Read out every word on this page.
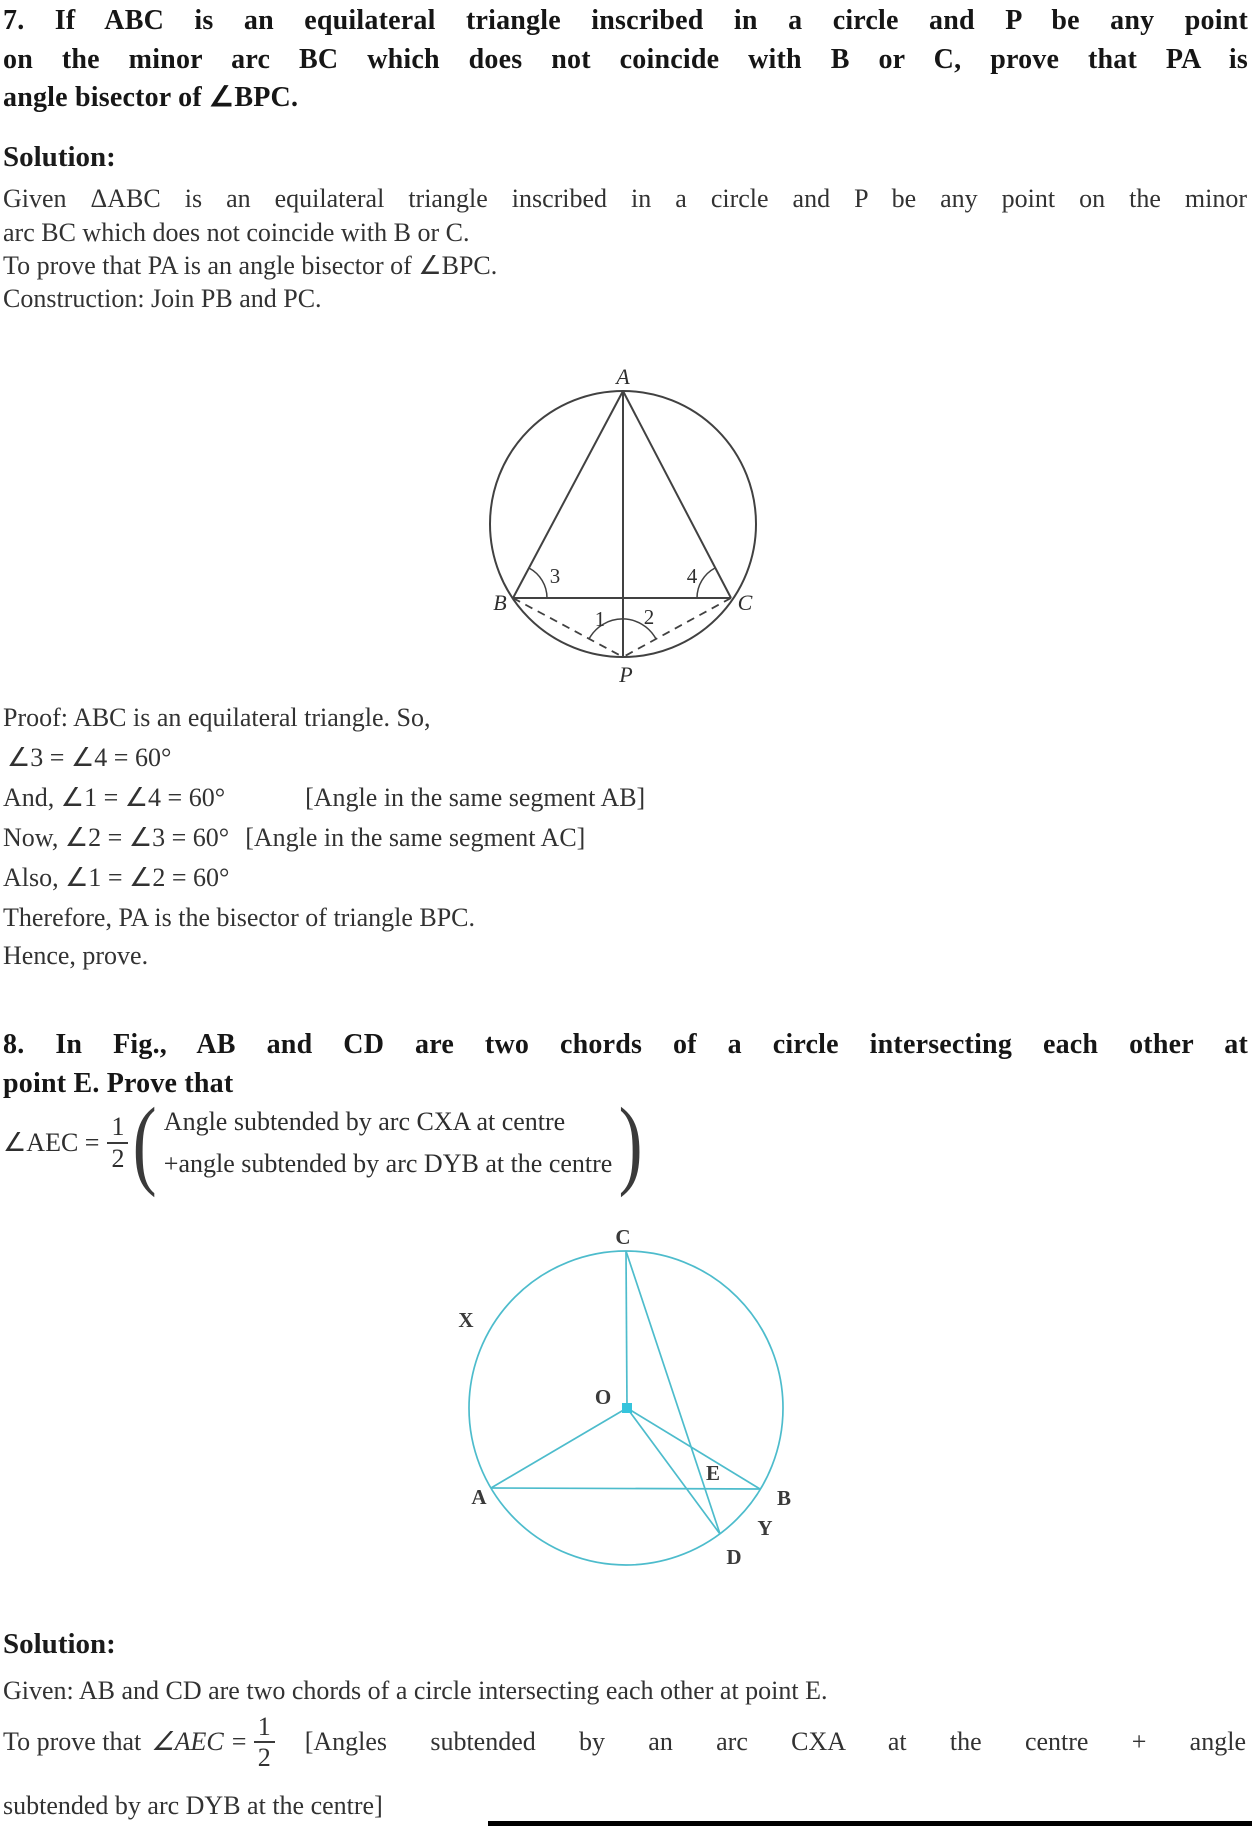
7. If ABC is an equilateral triangle inscribed in a circle and P be any point
on the minor arc BC which does not coincide with B or C, prove that PA is
angle bisector of ∠BPC.
Solution:
Given ΔABC is an equilateral triangle inscribed in a circle and P be any point on the minor
arc BC which does not coincide with B or C.
To prove that PA is an angle bisector of ∠BPC.
Construction: Join PB and PC.
A
B	C
P
3	4
1 2
Proof: ABC is an equilateral triangle. So,
∠3 = ∠4 = 60°
And, ∠1 = ∠4 = 60°	[Angle in the same segment AB]
Now, ∠2 = ∠3 = 60° [Angle in the same segment AC]
Also, ∠1 = ∠2 = 60°
Therefore, PA is the bisector of triangle BPC.
Hence, prove.
8. In Fig., AB and CD are two chords of a circle intersecting each other at
point E. Prove that
∠AEC = $\frac{1}{2}$ ( Angle subtended by arc CXA at centre
+angle subtended by arc DYB at the centre )
C
X
O
A
E
B
Y
D
Solution:
Given: AB and CD are two chords of a circle intersecting each other at point E.
To prove that ∠AEC = $\frac{1}{2}$ [Angles subtended by an arc CXA at the centre + angle
subtended by arc DYB at the centre]
